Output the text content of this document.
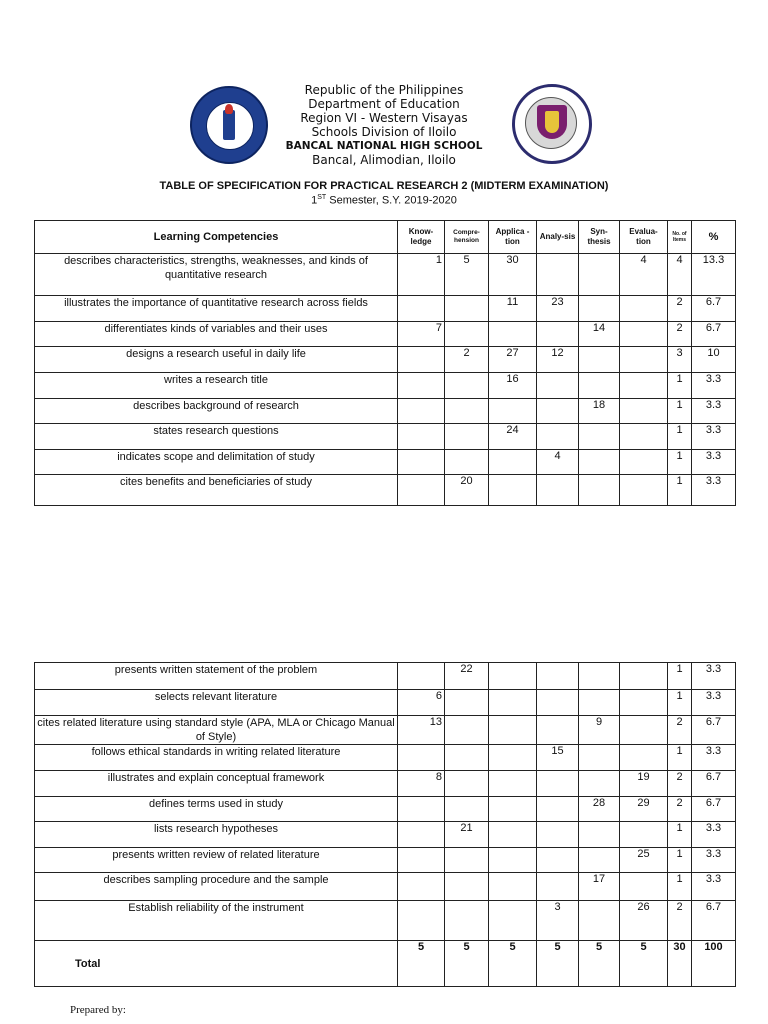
Republic of the Philippines
Department of Education
Region VI - Western Visayas
Schools Division of Iloilo
BANCAL NATIONAL HIGH SCHOOL
Bancal, Alimodian, Iloilo
TABLE OF SPECIFICATION FOR PRACTICAL RESEARCH 2 (MIDTERM EXAMINATION)
1ST Semester, S.Y. 2019-2020
Learning Competencies	Know-ledge	Compre-hension	Applica -tion	Analy-sis	Syn-thesis	Evalua-tion	No. of Items	%
describes characteristics, strengths, weaknesses, and kinds of quantitative research	1	5	30			4	4	13.3
illustrates the importance of quantitative research across fields			11	23			2	6.7
differentiates kinds of variables and their uses	7				14		2	6.7
designs a research useful in daily life		2	27	12			3	10
writes a research title			16				1	3.3
describes background of research					18		1	3.3
states research questions			24				1	3.3
indicates scope and delimitation of study				4			1	3.3
cites benefits and beneficiaries of study		20					1	3.3
presents written statement of the problem		22					1	3.3
selects relevant literature	6						1	3.3
cites related literature using standard style (APA, MLA or Chicago Manual of Style)	13				9		2	6.7
follows ethical standards in writing related literature				15			1	3.3
illustrates and explain conceptual framework	8					19	2	6.7
defines terms used in study					28	29	2	6.7
lists research hypotheses		21					1	3.3
presents written review of related literature						25	1	3.3
describes sampling procedure and the sample					17		1	3.3
Establish reliability of the instrument				3		26	2	6.7
Total	5	5	5	5	5	5	30	100
Prepared by:
